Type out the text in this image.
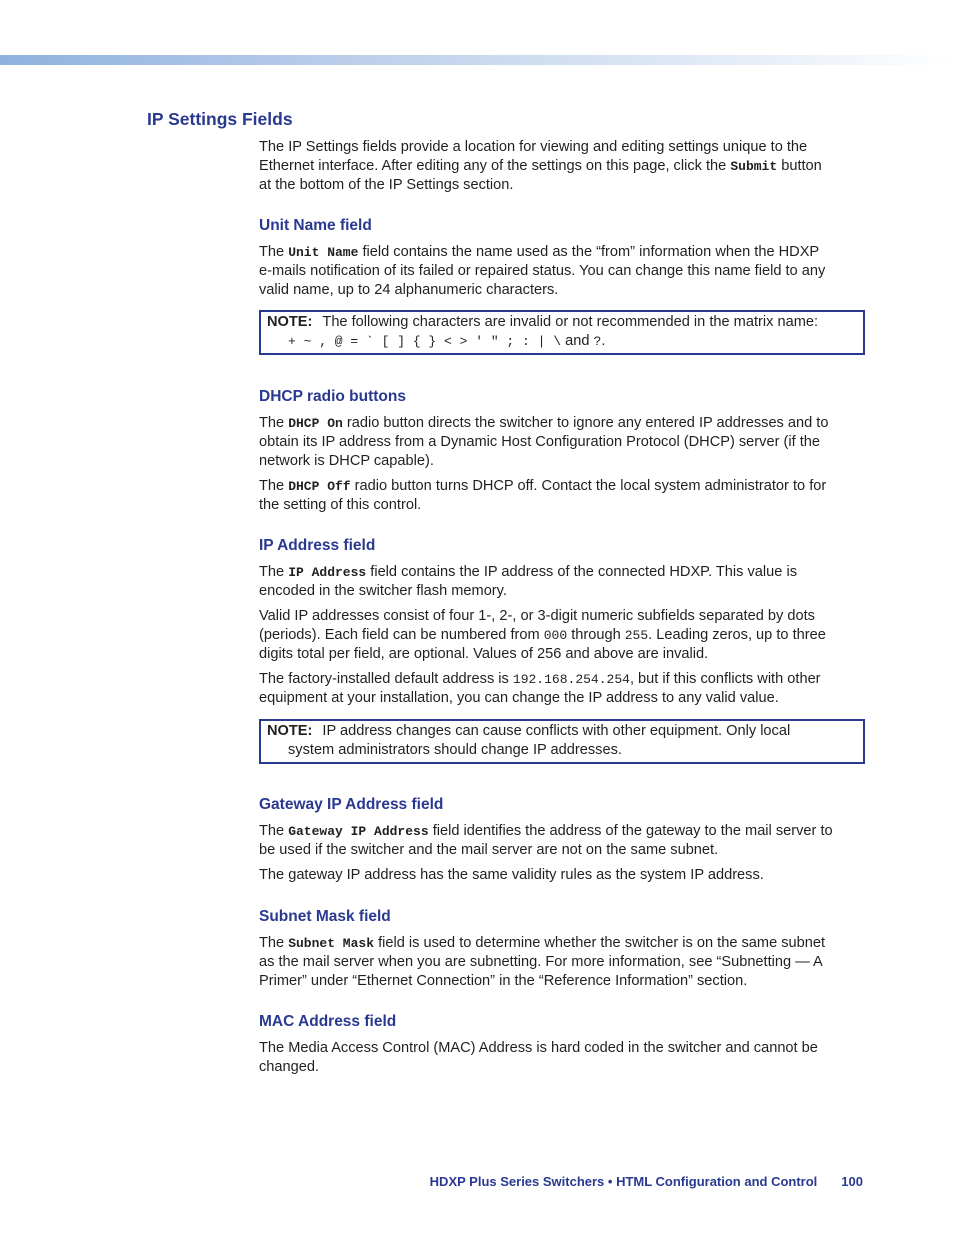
IP Settings Fields

The IP Settings fields provide a location for viewing and editing settings unique to the

Ethernet interface. After editing any of the settings on this page, click the Submit button

at the bottom of the IP Settings section.

Unit Name field

The Unit Name field contains the name used as the “from” information when the HDXP

e-mails notification of its failed or repaired status. You can change this name field to any

valid name, up to 24 alphanumeric characters.

NOTE: The following characters are invalid or not recommended in the matrix name:
+ ~ , @ = ` [ ] { } < > ' " ; : | \ and ?.
DHCP radio buttons

The DHCP On radio button directs the switcher to ignore any entered IP addresses and to

obtain its IP address from a Dynamic Host Configuration Protocol (DHCP) server (if the

network is DHCP capable).

The DHCP Off radio button turns DHCP off. Contact the local system administrator to for

the setting of this control.

IP Address field

The IP Address field contains the IP address of the connected HDXP. This value is

encoded in the switcher flash memory.

Valid IP addresses consist of four 1-, 2-, or 3-digit numeric subfields separated by dots

(periods). Each field can be numbered from 000 through 255. Leading zeros, up to three

digits total per field, are optional. Values of 256 and above are invalid.

The factory-installed default address is 192.168.254.254, but if this conflicts with other

equipment at your installation, you can change the IP address to any valid value.

NOTE: IP address changes can cause conflicts with other equipment. Only local
system administrators should change IP addresses.
Gateway IP Address field

The Gateway IP Address field identifies the address of the gateway to the mail server to

be used if the switcher and the mail server are not on the same subnet.

The gateway IP address has the same validity rules as the system IP address.

Subnet Mask field

The Subnet Mask field is used to determine whether the switcher is on the same subnet

as the mail server when you are subnetting. For more information, see “Subnetting — A

Primer” under “Ethernet Connection” in the “Reference Information” section.

MAC Address field

The Media Access Control (MAC) Address is hard coded in the switcher and cannot be

changed.

HDXP Plus Series Switchers • HTML Configuration and Control 100
